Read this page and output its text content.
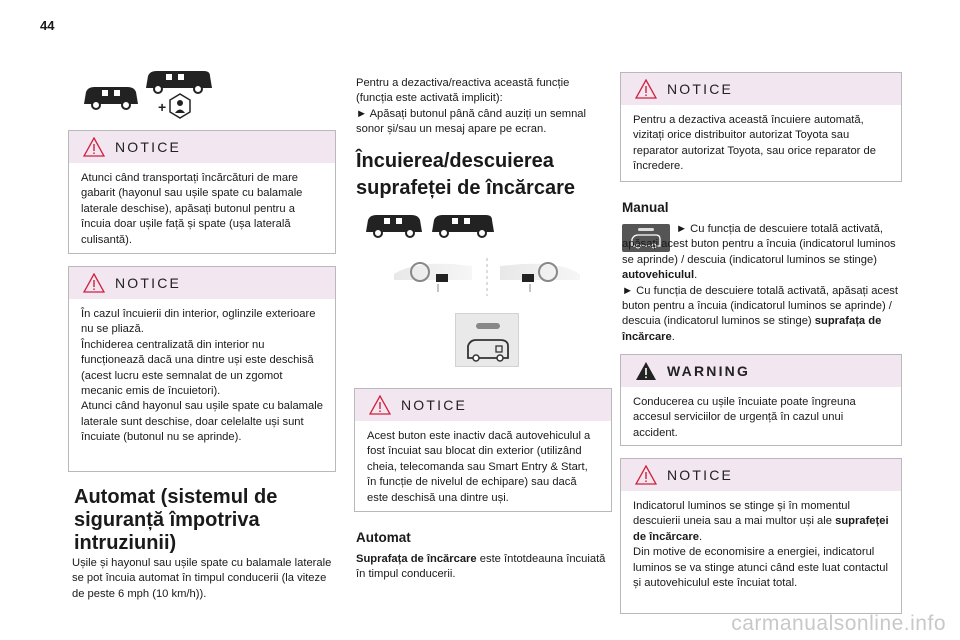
44
+
NOTICE
Atunci când transportați încărcături de mare gabarit (hayonul sau ușile spate cu balamale laterale deschise), apăsați butonul pentru a încuia doar ușile față și spate (ușa laterală culisantă).
NOTICE
În cazul încuierii din interior, oglinzile exterioare nu se pliază.
Închiderea centralizată din interior nu funcționează dacă una dintre uși este deschisă (acest lucru este semnalat de un zgomot mecanic emis de încuietori).
Atunci când hayonul sau ușile spate cu balamale laterale sunt deschise, doar celelalte uși sunt încuiate (butonul nu se aprinde).
Automat (sistemul de
siguranță împotriva
intruziunii)
Ușile și hayonul sau ușile spate cu balamale laterale se pot încuia automat în timpul conducerii (la viteze de peste 6 mph (10 km/h)).
Pentru a dezactiva/reactiva această funcție (funcția este activată implicit):
► Apăsați butonul până când auziți un semnal sonor și/sau un mesaj apare pe ecran.
Încuierea/descuierea
suprafeței de încărcare
NOTICE
Acest buton este inactiv dacă autovehiculul a fost încuiat sau blocat din exterior (utilizând cheia, telecomanda sau Smart Entry & Start, în funcție de nivelul de echipare) sau dacă este deschisă una dintre uși.
Automat
Suprafața de încărcare este întotdeauna încuiată în timpul conducerii.
NOTICE
Pentru a dezactiva această încuiere automată, vizitați orice distribuitor autorizat Toyota sau reparator autorizat Toyota, sau orice reparator de încredere.
Manual
► Cu funcția de descuiere totală activată, apăsați acest buton pentru a încuia (indicatorul luminos se aprinde) / descuia (indicatorul luminos se stinge) autovehiculul.
► Cu funcția de descuiere totală activată, apăsați acest buton pentru a încuia (indicatorul luminos se aprinde) / descuia (indicatorul luminos se stinge) suprafața de încărcare.
WARNING
Conducerea cu ușile încuiate poate îngreuna accesul serviciilor de urgență în cazul unui accident.
NOTICE
Indicatorul luminos se stinge și în momentul descuierii uneia sau a mai multor uși ale suprafeței de încărcare.
Din motive de economisire a energiei, indicatorul luminos se va stinge atunci când este luat contactul și autovehiculul este încuiat total.
carmanualsonline.info
